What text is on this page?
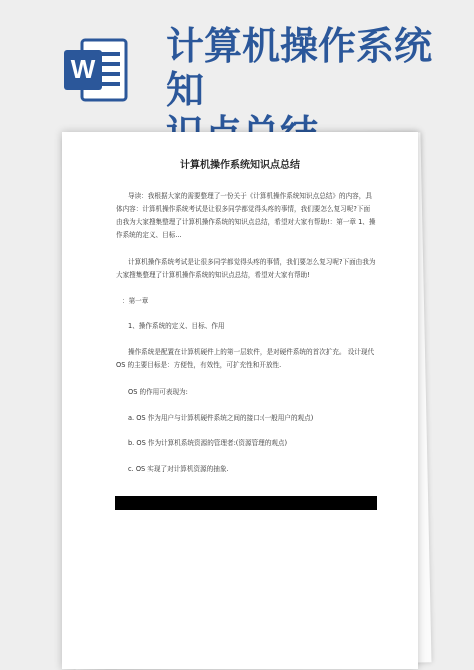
W
计算机操作系统知
计算机操作系统知识点总结
导读：我根据大家的需要整理了一份关于《计算机操作系统知识点总结》的内容，具体内容：计算机操作系统考试是让很多同学都觉得头疼的事情，我们要怎么复习呢?下面由我为大家搜集整理了计算机操作系统的知识点总结，希望对大家有帮助!：第一章 1、操作系统的定义、目标...
计算机操作系统考试是让很多同学都觉得头疼的事情，我们要怎么复习呢?下面由我为大家搜集整理了计算机操作系统的知识点总结，希望对大家有帮助!
：第一章
1、操作系统的定义、目标、作用
操作系统是配置在计算机硬件上的第一层软件，是对硬件系统的首次扩充。 设计现代OS 的主要目标是：方便性，有效性，可扩充性和开放性.
OS 的作用可表现为:
a. OS 作为用户与计算机硬件系统之间的接口:(一般用户的观点)
b. OS 作为计算机系统资源的管理者:(资源管理的观点)
c. OS 实现了对计算机资源的抽象.
